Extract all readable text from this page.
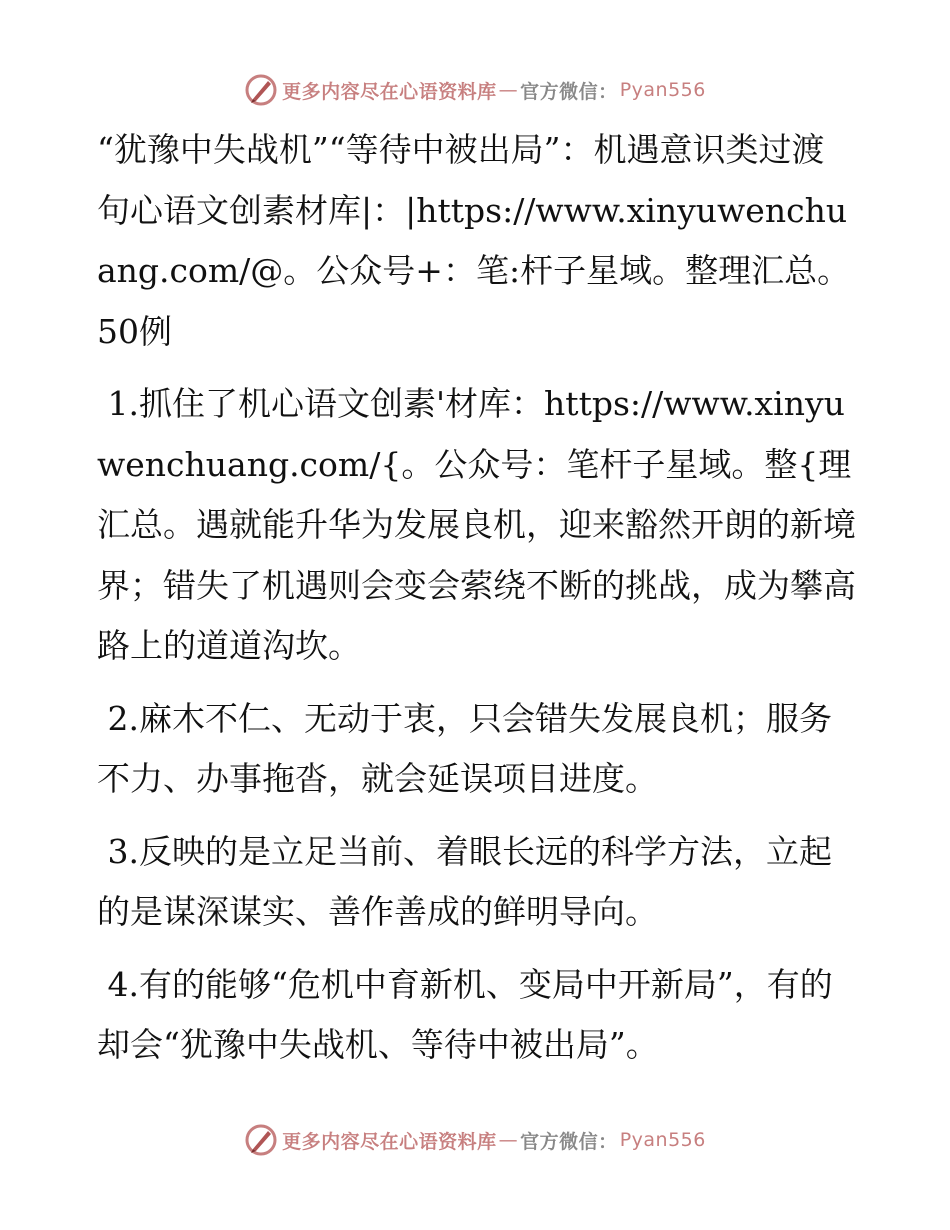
更多内容尽在心语资料库 — 官方微信： Pyan556

“犹豫中失战机”“等待中被出局”：机遇意识类过渡句心语文创素材库|：|https://www.xinyuwenchuang.com/@。公众号+：笔:杆子星域。整理汇总。50例

1.抓住了机心语文创素'材库：https://www.xinyuwenchuang.com/{。公众号：笔杆子星域。整{理汇总。遇就能升华为发展良机，迎来豁然开朗的新境界；错失了机遇则会变会萦绕不断的挑战，成为攀高路上的道道沟坎。

2.麻木不仁、无动于衷，只会错失发展良机；服务不力、办事拖沓，就会延误项目进度。

3.反映的是立足当前、着眼长远的科学方法，立起的是谋深谋实、善作善成的鲜明导向。

4.有的能够“危机中育新机、变局中开新局”，有的却会“犹豫中失战机、等待中被出局”。

更多内容尽在心语资料库 — 官方微信： Pyan556
